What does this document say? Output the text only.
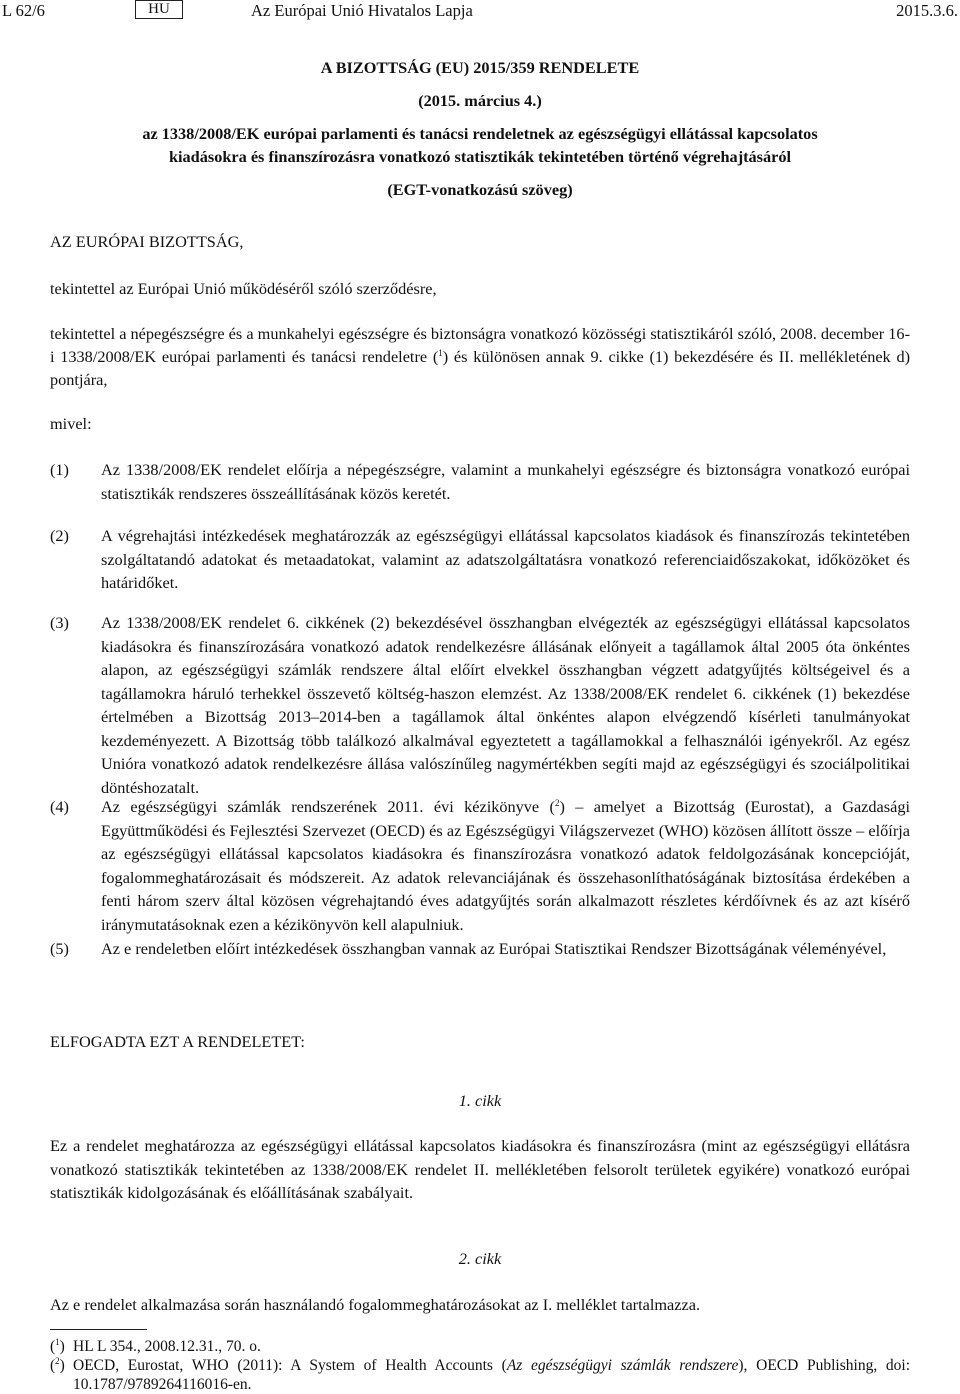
L 62/6	HU	Az Európai Unió Hivatalos Lapja	2015.3.6.
A BIZOTTSÁG (EU) 2015/359 RENDELETE
(2015. március 4.)
az 1338/2008/EK európai parlamenti és tanácsi rendeletnek az egészségügyi ellátással kapcsolatos
kiadásokra és finanszírozásra vonatkozó statisztikák tekintetében történő végrehajtásáról
(EGT-vonatkozású szöveg)
AZ EURÓPAI BIZOTTSÁG,
tekintettel az Európai Unió működéséről szóló szerződésre,
tekintettel a népegészségre és a munkahelyi egészségre és biztonságra vonatkozó közösségi statisztikáról szóló, 2008. december 16-i 1338/2008/EK európai parlamenti és tanácsi rendeletre ($^1$) és különösen annak 9. cikke (1) bekezdésére és II. mellékletének d) pontjára,
mivel:
(1)	Az 1338/2008/EK rendelet előírja a népegészségre, valamint a munkahelyi egészségre és biztonságra vonatkozó európai statisztikák rendszeres összeállításának közös keretét.
(2)	A végrehajtási intézkedések meghatározzák az egészségügyi ellátással kapcsolatos kiadások és finanszírozás tekintetében szolgáltatandó adatokat és metaadatokat, valamint az adatszolgáltatásra vonatkozó referenciaidőszakokat, időközöket és határidőket.
(3)	Az 1338/2008/EK rendelet 6. cikkének (2) bekezdésével összhangban elvégezték az egészségügyi ellátással kapcsolatos kiadásokra és finanszírozására vonatkozó adatok rendelkezésre állásának előnyeit a tagállamok által 2005 óta önkéntes alapon, az egészségügyi számlák rendszere által előírt elvekkel összhangban végzett adatgyűjtés költségeivel és a tagállamokra háruló terhekkel összevető költség-haszon elemzést. Az 1338/2008/EK rendelet 6. cikkének (1) bekezdése értelmében a Bizottság 2013–2014-ben a tagállamok által önkéntes alapon elvégzendő kísérleti tanulmányokat kezdeményezett. A Bizottság több találkozó alkalmával egyeztetett a tagállamokkal a felhasználói igényekről. Az egész Unióra vonatkozó adatok rendelkezésre állása valószínűleg nagymértékben segíti majd az egészségügyi és szociálpolitikai döntéshozatalt.
(4)	Az egészségügyi számlák rendszerének 2011. évi kézikönyve ($^2$) – amelyet a Bizottság (Eurostat), a Gazdasági Együttműködési és Fejlesztési Szervezet (OECD) és az Egészségügyi Világszervezet (WHO) közösen állított össze – előírja az egészségügyi ellátással kapcsolatos kiadásokra és finanszírozásra vonatkozó adatok feldolgozásának koncepcióját, fogalommeghatározásait és módszereit. Az adatok relevanciájának és összehasonlíthatóságának biztosítása érdekében a fenti három szerv által közösen végrehajtandó éves adatgyűjtés során alkalmazott részletes kérdőívnek és az azt kísérő iránymutatásoknak ezen a kézikönyvön kell alapulniuk.
(5)	Az e rendeletben előírt intézkedések összhangban vannak az Európai Statisztikai Rendszer Bizottságának véleményével,
ELFOGADTA EZT A RENDELETET:
1. cikk
Ez a rendelet meghatározza az egészségügyi ellátással kapcsolatos kiadásokra és finanszírozásra (mint az egészségügyi ellátásra vonatkozó statisztikák tekintetében az 1338/2008/EK rendelet II. mellékletében felsorolt területek egyikére) vonatkozó európai statisztikák kidolgozásának és előállításának szabályait.
2. cikk
Az e rendelet alkalmazása során használandó fogalommeghatározásokat az I. melléklet tartalmazza.
($^1$) HL L 354., 2008.12.31., 70. o.
($^2$) OECD, Eurostat, WHO (2011): A System of Health Accounts (Az egészségügyi számlák rendszere), OECD Publishing, doi: 10.1787/9789264116016-en.
